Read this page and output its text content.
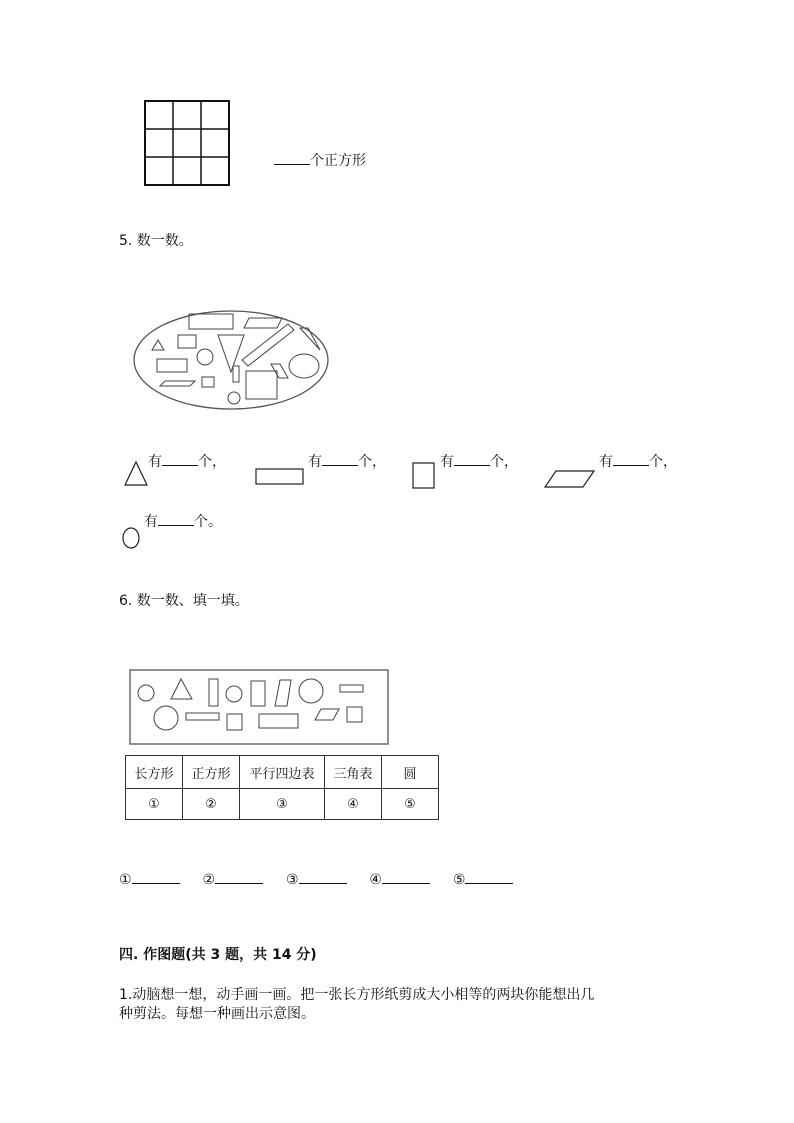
个正方形
5. 数一数。
有	个，	有	个，	有	个，	有	个，
有	个。
6. 数一数、填一填。
长方形	正方形	平行四边表	三角表	圆
①	②	③	④	⑤
①	②	③	④	⑤
四. 作图题(共 3 题，共 14 分)
1.动脑想一想，动手画一画。把一张长方形纸剪成大小相等的两块你能想出几
种剪法。每想一种画出示意图。
